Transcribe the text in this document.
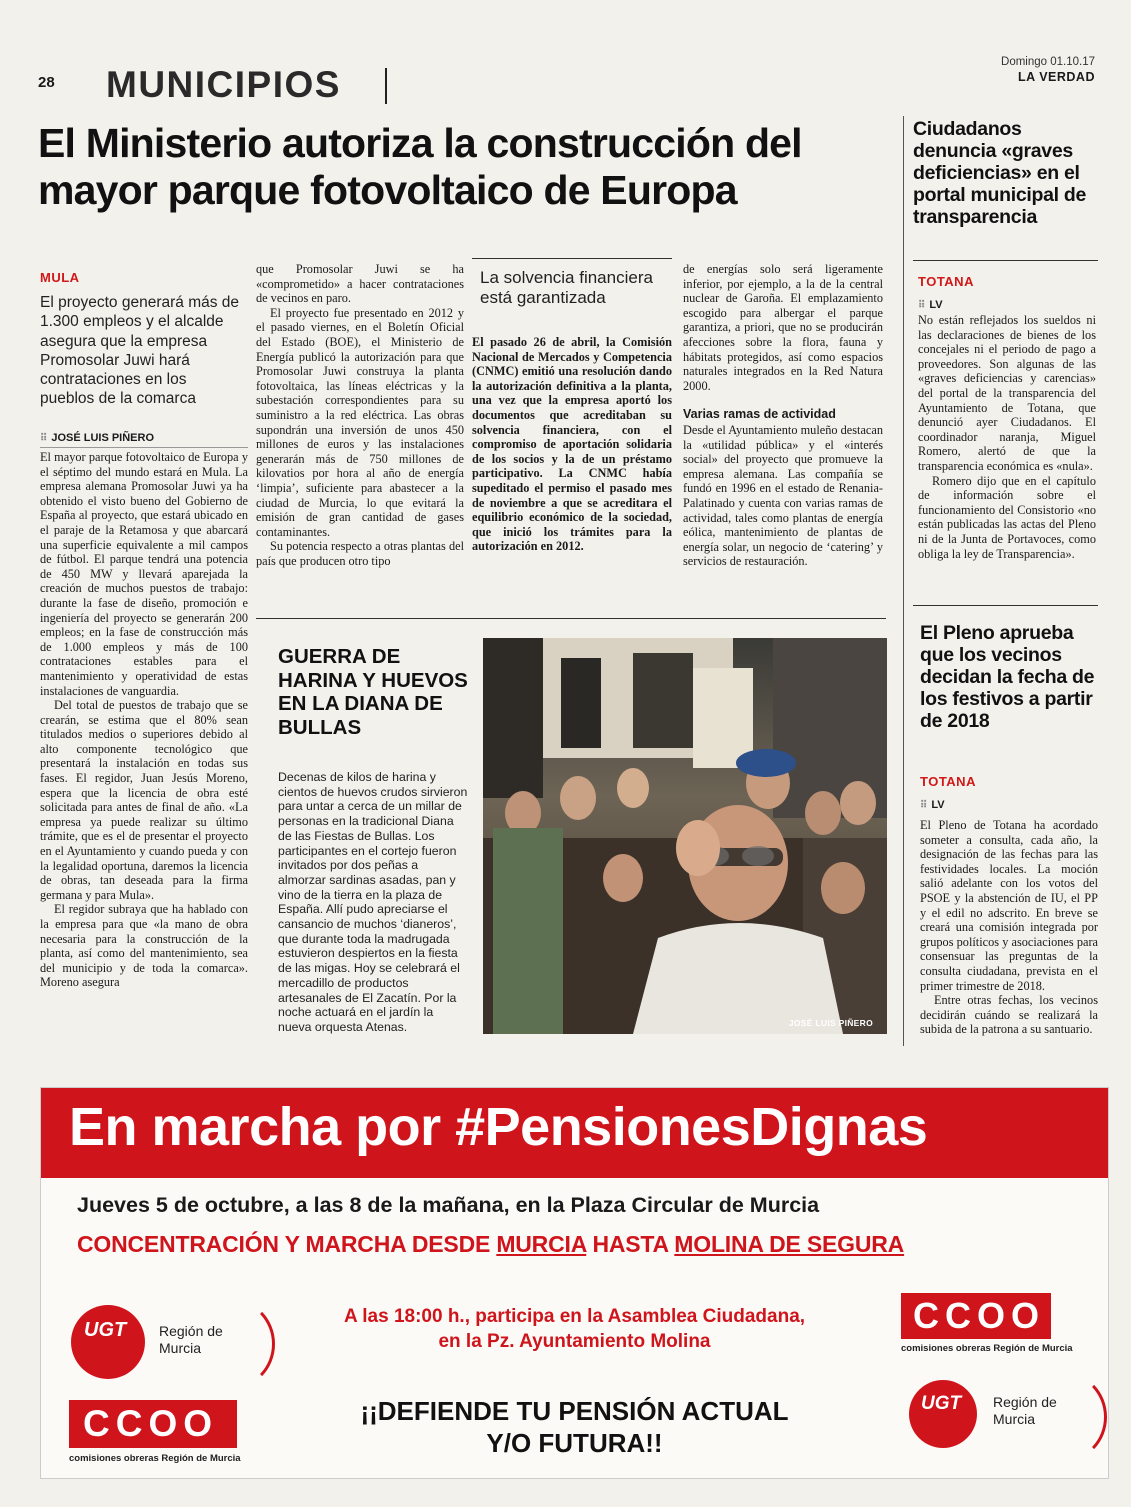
28 MUNICIPIOS
Domingo 01.10.17
LA VERDAD
El Ministerio autoriza la construcción del mayor parque fotovoltaico de Europa
MULA
El proyecto generará más de 1.300 empleos y el alcalde asegura que la empresa Promosolar Juwi hará contrataciones en los pueblos de la comarca
⠿ JOSÉ LUIS PIÑERO

El mayor parque fotovoltaico de Europa y el séptimo del mundo estará en Mula. La empresa alemana Promosolar Juwi ya ha obtenido el visto bueno del Gobierno de España al proyecto, que estará ubicado en el paraje de la Retamosa y que abarcará una superficie equivalente a mil campos de fútbol. El parque tendrá una potencia de 450 MW y llevará aparejada la creación de muchos puestos de trabajo: durante la fase de diseño, promoción e ingeniería del proyecto se generarán 200 empleos; en la fase de construcción más de 1.000 empleos y más de 100 contrataciones estables para el mantenimiento y operatividad de estas instalaciones de vanguardia.

Del total de puestos de trabajo que se crearán, se estima que el 80% sean titulados medios o superiores debido al alto componente tecnológico que presentará la instalación en todas sus fases. El regidor, Juan Jesús Moreno, espera que la licencia de obra esté solicitada para antes de final de año. «La empresa ya puede realizar su último trámite, que es el de presentar el proyecto en el Ayuntamiento y cuando pueda y con la legalidad oportuna, daremos la licencia de obras, tan deseada para la firma germana y para Mula».

El regidor subraya que ha hablado con la empresa para que «la mano de obra necesaria para la construcción de la planta, así como del mantenimiento, sea del municipio y de toda la comarca». Moreno asegura

que Promosolar Juwi se ha «comprometido» a hacer contrataciones de vecinos en paro.

El proyecto fue presentado en 2012 y el pasado viernes, en el Boletín Oficial del Estado (BOE), el Ministerio de Energía publicó la autorización para que Promosolar Juwi construya la planta fotovoltaica, las líneas eléctricas y la subestación correspondientes para su suministro a la red eléctrica. Las obras supondrán una inversión de unos 450 millones de euros y las instalaciones generarán más de 750 millones de kilovatios por hora al año de energía ‘limpia’, suficiente para abastecer a la ciudad de Murcia, lo que evitará la emisión de gran cantidad de gases contaminantes.

Su potencia respecto a otras plantas del país que producen otro tipo

La solvencia financiera está garantizada

El pasado 26 de abril, la Comisión Nacional de Mercados y Competencia (CNMC) emitió una resolución dando la autorización definitiva a la planta, una vez que la empresa aportó los documentos que acreditaban su solvencia financiera, con el compromiso de aportación solidaria de los socios y la de un préstamo participativo. La CNMC había supeditado el permiso el pasado mes de noviembre a que se acreditara el equilibrio económico de la sociedad, que inició los trámites para la autorización en 2012.

de energías solo será ligeramente inferior, por ejemplo, a la de la central nuclear de Garoña. El emplazamiento escogido para albergar el parque garantiza, a priori, que no se producirán afecciones sobre la flora, fauna y hábitats protegidos, así como espacios naturales integrados en la Red Natura 2000.

Varias ramas de actividad

Desde el Ayuntamiento muleño destacan la «utilidad pública» y el «interés social» del proyecto que promueve la empresa alemana. Las compañía se fundó en 1996 en el estado de Renania-Palatinado y cuenta con varias ramas de actividad, tales como plantas de energía eólica, mantenimiento de plantas de energía solar, un negocio de ‘catering’ y servicios de restauración.

GUERRA DE HARINA Y HUEVOS EN LA DIANA DE BULLAS
Decenas de kilos de harina y cientos de huevos crudos sirvieron para untar a cerca de un millar de personas en la tradicional Diana de las Fiestas de Bullas. Los participantes en el cortejo fueron invitados por dos peñas a almorzar sardinas asadas, pan y vino de la tierra en la plaza de España. Allí pudo apreciarse el cansancio de muchos ‘dianeros’, que durante toda la madrugada estuvieron despiertos en la fiesta de las migas. Hoy se celebrará el mercadillo de productos artesanales de El Zacatín. Por la noche actuará en el jardín la nueva orquesta Atenas.	JOSÉ LUIS PIÑERO
Ciudadanos denuncia «graves deficiencias» en el portal municipal de transparencia
TOTANA
⠿ LV

No están reflejados los sueldos ni las declaraciones de bienes de los concejales ni el periodo de pago a proveedores. Son algunas de las «graves deficiencias y carencias» del portal de la transparencia del Ayuntamiento de Totana, que denunció ayer Ciudadanos. El coordinador naranja, Miguel Romero, alertó de que la transparencia económica es «nula».

Romero dijo que en el capítulo de información sobre el funcionamiento del Consistorio «no están publicadas las actas del Pleno ni de la Junta de Portavoces, como obliga la ley de Transparencia».

El Pleno aprueba que los vecinos decidan la fecha de los festivos a partir de 2018
TOTANA
⠿ LV

El Pleno de Totana ha acordado someter a consulta, cada año, la designación de las fechas para las festividades locales. La moción salió adelante con los votos del PSOE y la abstención de IU, el PP y el edil no adscrito. En breve se creará una comisión integrada por grupos políticos y asociaciones para consensuar las preguntas de la consulta ciudadana, prevista en el primer trimestre de 2018.

Entre otras fechas, los vecinos decidirán cuándo se realizará la subida de la patrona a su santuario.

En marcha por #PensionesDignas
Jueves 5 de octubre, a las 8 de la mañana, en la Plaza Circular de Murcia
CONCENTRACIÓN Y MARCHA DESDE MURCIA HASTA MOLINA DE SEGURA
A las 18:00 h., participa en la Asamblea Ciudadana,
en la Pz. Ayuntamiento Molina
¡¡DEFIENDE TU PENSIÓN ACTUAL
Y/O FUTURA!!
UGT Región de Murcia
CCOO
comisiones obreras Región de Murcia
CCOO
comisiones obreras Región de Murcia
UGT Región de Murcia
